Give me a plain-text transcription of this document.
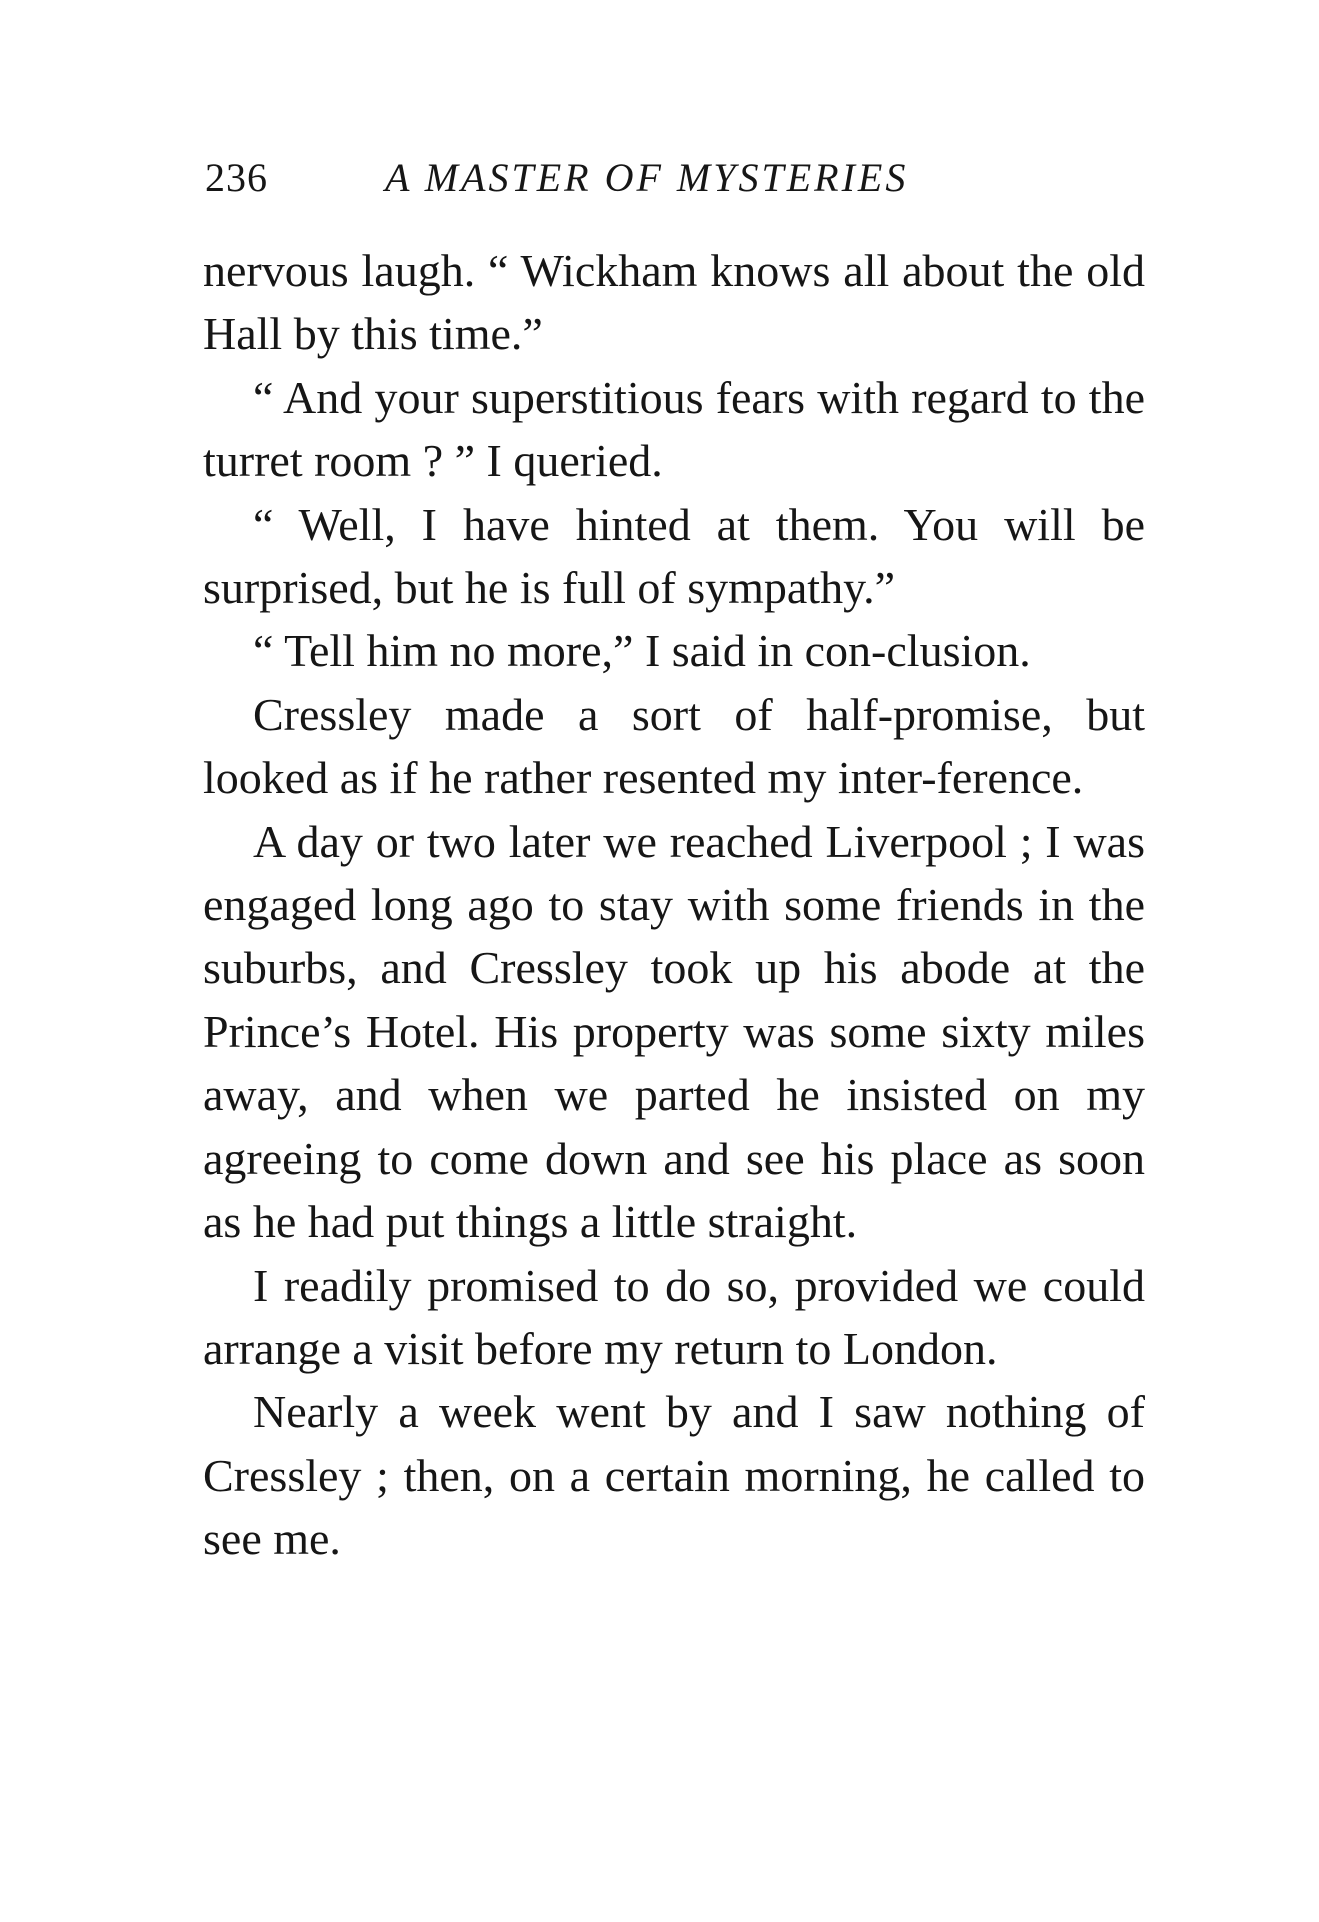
236	A MASTER OF MYSTERIES

nervous laugh. “ Wickham knows all about the old Hall by this time.”

“ And your superstitious fears with regard to the turret room ? ” I queried.

“ Well, I have hinted at them. You will be surprised, but he is full of sympathy.”

“ Tell him no more,” I said in con-clusion.

Cressley made a sort of half-promise, but looked as if he rather resented my inter-ference.

A day or two later we reached Liverpool ; I was engaged long ago to stay with some friends in the suburbs, and Cressley took up his abode at the Prince’s Hotel. His property was some sixty miles away, and when we parted he insisted on my agreeing to come down and see his place as soon as he had put things a little straight.

I readily promised to do so, provided we could arrange a visit before my return to London.

Nearly a week went by and I saw nothing of Cressley ; then, on a certain morning, he called to see me.
